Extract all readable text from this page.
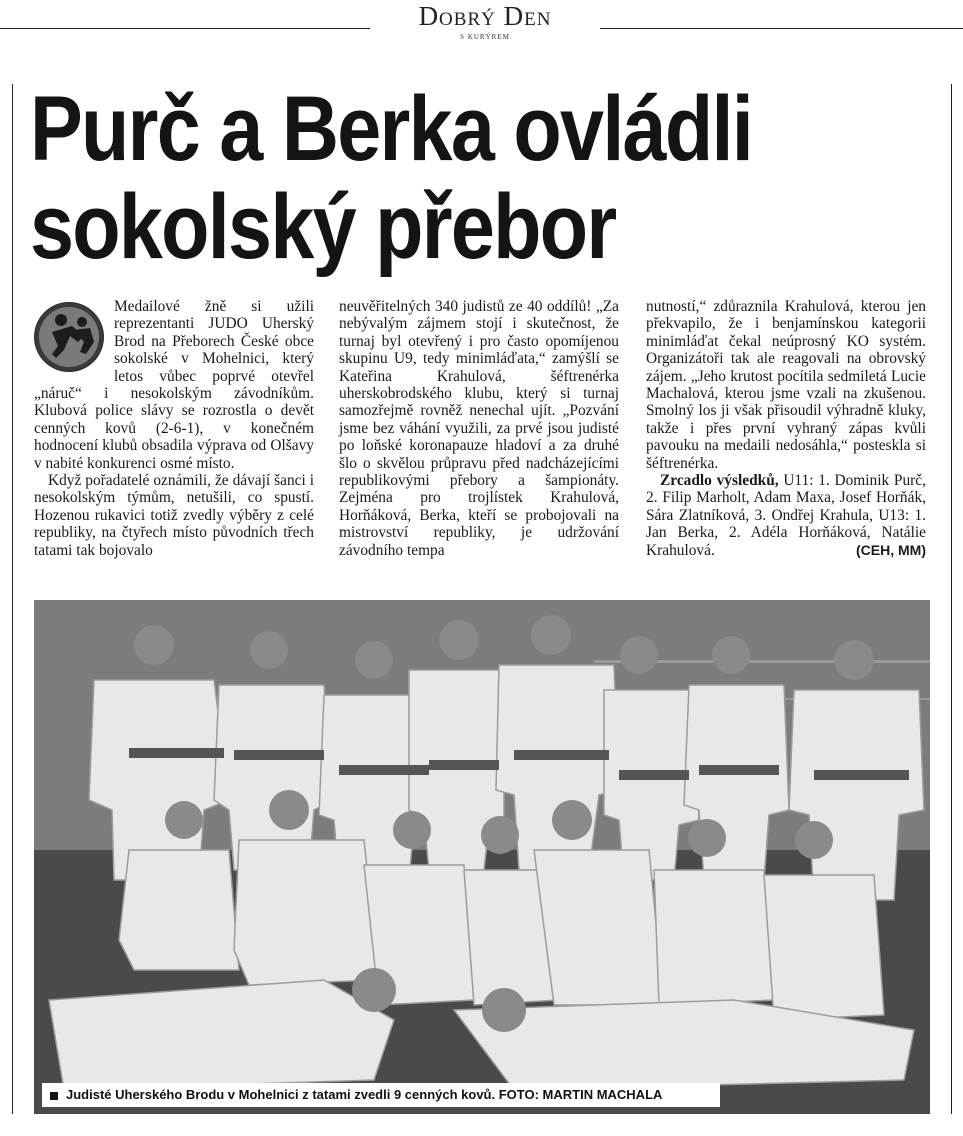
Dobrý Den
S KURÝREM
Purč a Berka ovládli
sokolský přebor

Medailové žně si užili reprezentanti JUDO Uherský Brod na Přeborech České obce sokolské v Mohelnici, který letos vůbec poprvé otevřel „náruč“ i nesokolským závodníkům. Klubová police slávy se rozrostla o devět cenných kovů (2-6-1), v konečném hodnocení klubů obsadila výprava od Olšavy v nabité konkurenci osmé místo.

Když pořadatelé oznámili, že dávají šanci i nesokolským týmům, netušili, co spustí. Hozenou rukavici totiž zvedly výběry z celé republiky, na čtyřech místo původních třech tatami tak bojovalo

neuvěřitelných 340 judistů ze 40 oddílů! „Za nebývalým zájmem stojí i skutečnost, že turnaj byl otevřený i pro často opomíjenou skupinu U9, tedy minimláďata,“ zamýšlí se Kateřina Krahulová, šéftrenérka uherskobrodského klubu, který si turnaj samozřejmě rovněž nenechal ujít. „Pozvání jsme bez váhání využili, za prvé jsou judisté po loňské koronapauze hladoví a za druhé šlo o skvělou průpravu před nadcházejícími republikovými přebory a šampionáty. Zejména pro trojlístek Krahulová, Horňáková, Berka, kteří se probojovali na mistrovství republiky, je udržování závodního tempa

nutností,“ zdůraznila Krahulová, kterou jen překvapilo, že i benjamínskou kategorii minimláďat čekal neúprosný KO systém. Organizátoři tak ale reagovali na obrovský zájem. „Jeho krutost pocítila sedmiletá Lucie Machalová, kterou jsme vzali na zkušenou. Smolný los ji však přisoudil výhradně kluky, takže i přes první vyhraný zápas kvůli pavouku na medaili nedosáhla,“ posteskla si šéftrenérka.

Zrcadlo výsledků, U11: 1. Dominik Purč, 2. Filip Marholt, Adam Maxa, Josef Horňák, Sára Zlatníková, 3. Ondřej Krahula, U13: 1. Jan Berka, 2. Adéla Horňáková, Natálie Krahulová.	(CEH, MM)

Judisté Uherského Brodu v Mohelnici z tatami zvedli 9 cenných kovů. FOTO: MARTIN MACHALA
